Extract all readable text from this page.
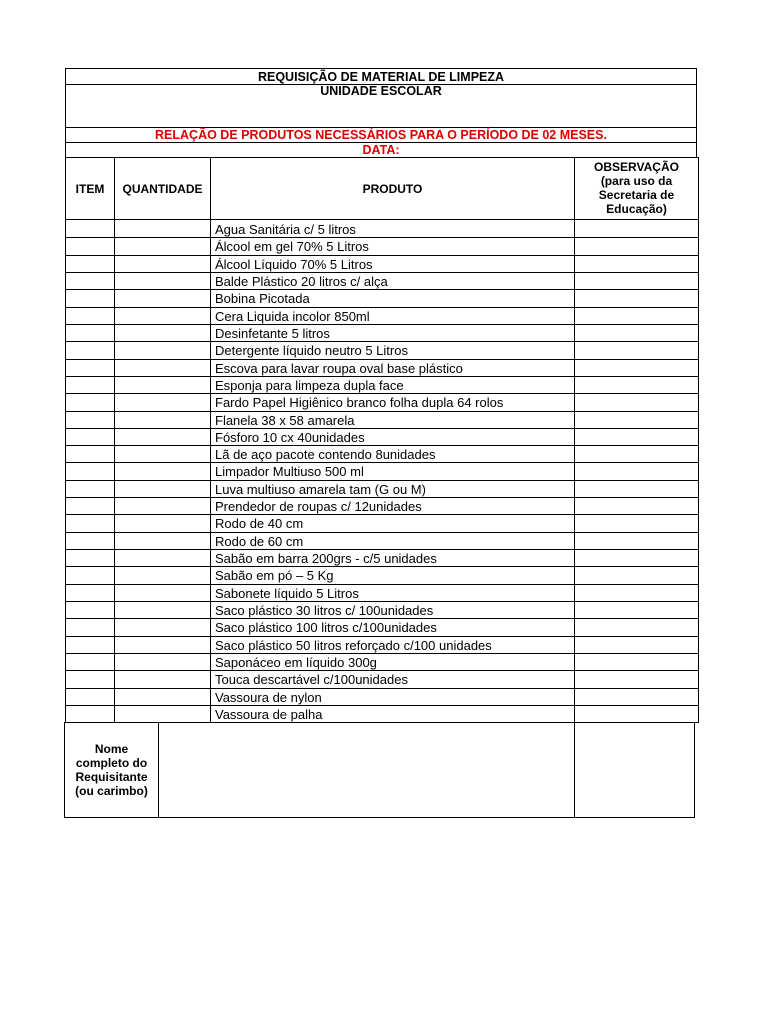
REQUISIÇÃO DE MATERIAL DE LIMPEZA
UNIDADE ESCOLAR
RELAÇÃO DE PRODUTOS NECESSÁRIOS PARA O PERÍODO DE 02 MESES.
DATA:
ITEM	QUANTIDADE	PRODUTO
OBSERVAÇÃO
(para uso da
Secretaria de
Educação)
Agua Sanitária c/ 5 litros
Álcool em gel 70% 5 Litros
Álcool Líquido 70% 5 Litros
Balde Plástico 20 litros c/ alça
Bobina Picotada
Cera Liquida incolor 850ml
Desinfetante 5 litros
Detergente líquido neutro 5 Litros
Escova para lavar roupa oval base plástico
Esponja para limpeza dupla face
Fardo Papel Higiênico branco folha dupla 64 rolos
Flanela 38 x 58 amarela
Fósforo 10 cx 40unidades
Lã de aço pacote contendo 8unidades
Limpador Multiuso 500 ml
Luva multiuso amarela tam (G ou M)
Prendedor de roupas c/ 12unidades
Rodo de 40 cm
Rodo de 60 cm
Sabão em barra 200grs - c/5 unidades
Sabão em pó – 5 Kg
Sabonete líquido 5 Litros
Saco plástico 30 litros c/ 100unidades
Saco plástico 100 litros c/100unidades
Saco plástico 50 litros reforçado c/100 unidades
Saponáceo em líquido 300g
Touca descartável c/100unidades
Vassoura de nylon
Vassoura de palha
Nome
completo do
Requisitante
(ou carimbo)
